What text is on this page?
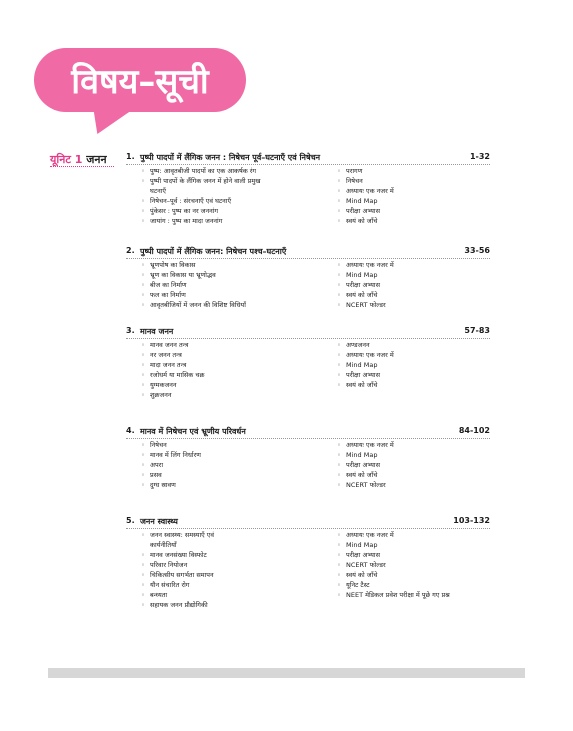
विषय–सूची
यूनिट 1 जनन 1. पुष्पी पादपों में लैंगिक जनन : निषेचन पूर्व–घटनाएँ एवं निषेचन	1-32
◦ पुष्प: आवृतबीजी पादपों का एक आकर्षक रंग
◦ पुष्पी पादपों के लैंगिक जनन में होने वाली प्रमुख
घटनाएँ
◦ निषेचन–पूर्व : संरचनाएँ एवं घटनाएँ
◦ पुंकेसर : पुष्प का नर जननांग
◦ जायांग : पुष्प का मादा जननांग
◦ परागण
◦ निषेचन
◦ अध्यायः एक नजर में
◦ Mind Map
◦ परीक्षा अभ्यास
◦ स्वयं को जाँचे
2. पुष्पी पादपों में लैंगिक जनन: निषेचन पश्च–घटनाएँ	33-56
◦ भ्रूणपोष का विकास
◦ भ्रूण का विकास या भ्रूणोद्भव
◦ बीज का निर्माण
◦ फल का निर्माण
◦ आवृतबीजियों में जनन की विशिष्ट विधियाँ
◦ अध्यायः एक नजर में
◦ Mind Map
◦ परीक्षा अभ्यास
◦ स्वयं को जाँचे
◦ NCERT फोल्डर
3. मानव जनन	57-83
◦ मानव जनन तन्त्र
◦ नर जनन तन्त्र
◦ मादा जनन तन्त्र
◦ रजोधर्म या मासिक चक्र
◦ युग्मकजनन
◦ शुक्रजनन
◦ अण्डजनन
◦ अध्यायः एक नजर में
◦ Mind Map
◦ परीक्षा अभ्यास
◦ स्वयं को जाँचे
4. मानव में निषेचन एवं भ्रूणीय परिवर्धन	84-102
◦ निषेचन
◦ मानव में लिंग निर्धारण
◦ अपरा
◦ प्रसव
◦ दुग्ध स्रावण
◦ अध्यायः एक नजर में
◦ Mind Map
◦ परीक्षा अभ्यास
◦ स्वयं को जाँचे
◦ NCERT फोल्डर
5. जनन स्वास्थ्य	103-132
◦ जनन स्वास्थ्य: समस्याएँ एवं
कार्यनीतियाँ
◦ मानव जनसंख्या विस्फोट
◦ परिवार नियोजन
◦ चिकित्सीय सगर्भता समापन
◦ यौन संचारित रोग
◦ बन्ध्यता
◦ सहायक जनन प्रौद्योगिकी
◦ अध्यायः एक नजर में
◦ Mind Map
◦ परीक्षा अभ्यास
◦ NCERT फोल्डर
◦ स्वयं को जाँचे
◦ यूनिट टैस्ट
◦ NEET मेडिकल प्रवेश परीक्षा में पूछे गए प्रश्न
